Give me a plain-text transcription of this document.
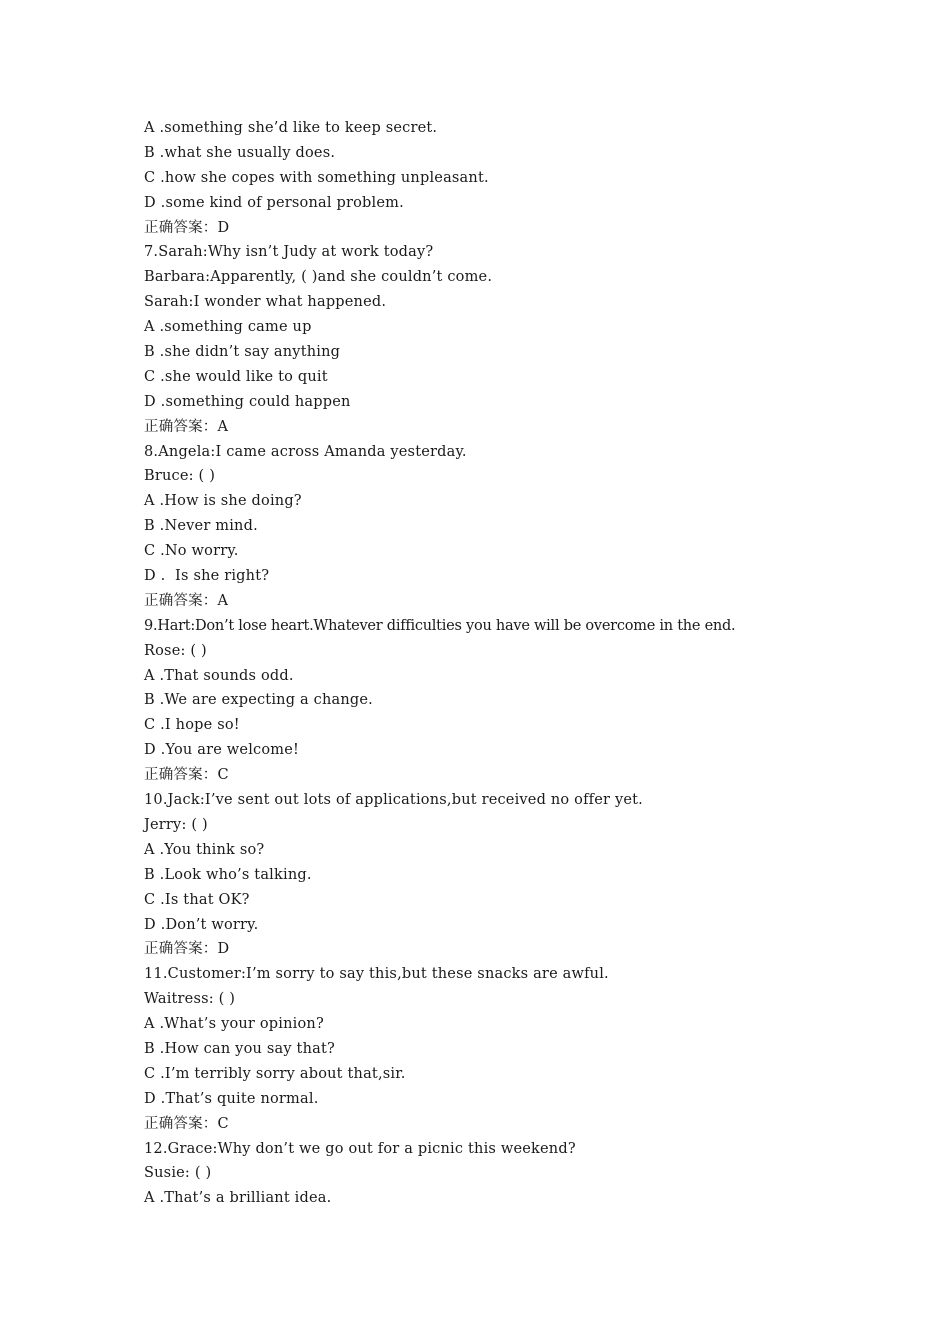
A .something she’d like to keep secret.
B .what she usually does.
C .how she copes with something unpleasant.
D .some kind of personal problem.
正确答案：D
7.Sarah:Why isn’t Judy at work today?
Barbara:Apparently, ( )and she couldn’t come.
Sarah:I wonder what happened.
A .something came up
B .she didn’t say anything
C .she would like to quit
D .something could happen
正确答案：A
8.Angela:I came across Amanda yesterday.
Bruce: ( )
A .How is she doing?
B .Never mind.
C .No worry.
D .  Is she right?
正确答案：A
9.Hart:Don’t lose heart.Whatever difficulties you have will be overcome in the end.
Rose: ( )
A .That sounds odd.
B .We are expecting a change.
C .I hope so!
D .You are welcome!
正确答案：C
10.Jack:I’ve sent out lots of applications,but received no offer yet.
Jerry: ( )
A .You think so?
B .Look who’s talking.
C .Is that OK?
D .Don’t worry.
正确答案：D
11.Customer:I’m sorry to say this,but these snacks are awful.
Waitress: ( )
A .What’s your opinion?
B .How can you say that?
C .I’m terribly sorry about that,sir.
D .That’s quite normal.
正确答案：C
12.Grace:Why don’t we go out for a picnic this weekend?
Susie: ( )
A .That’s a brilliant idea.
